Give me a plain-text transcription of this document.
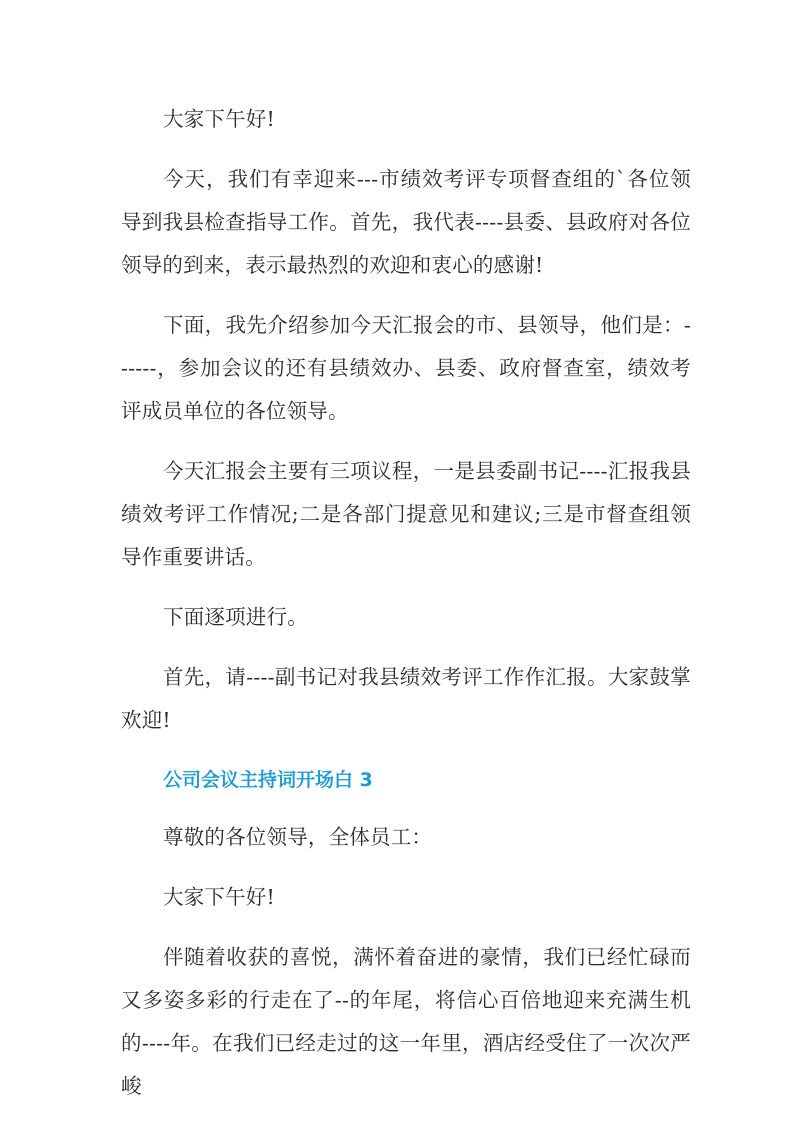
大家下午好!

今天，我们有幸迎来---市绩效考评专项督查组的`各位领导到我县检查指导工作。首先，我代表----县委、县政府对各位领导的到来，表示最热烈的欢迎和衷心的感谢!

下面，我先介绍参加今天汇报会的市、县领导，他们是：------，参加会议的还有县绩效办、县委、政府督查室，绩效考评成员单位的各位领导。

今天汇报会主要有三项议程，一是县委副书记----汇报我县绩效考评工作情况;二是各部门提意见和建议;三是市督查组领导作重要讲话。

下面逐项进行。

首先，请----副书记对我县绩效考评工作作汇报。大家鼓掌欢迎!

公司会议主持词开场白 3

尊敬的各位领导，全体员工：

大家下午好!

伴随着收获的喜悦，满怀着奋进的豪情，我们已经忙碌而又多姿多彩的行走在了--的年尾，将信心百倍地迎来充满生机的----年。在我们已经走过的这一年里，酒店经受住了一次次严峻
